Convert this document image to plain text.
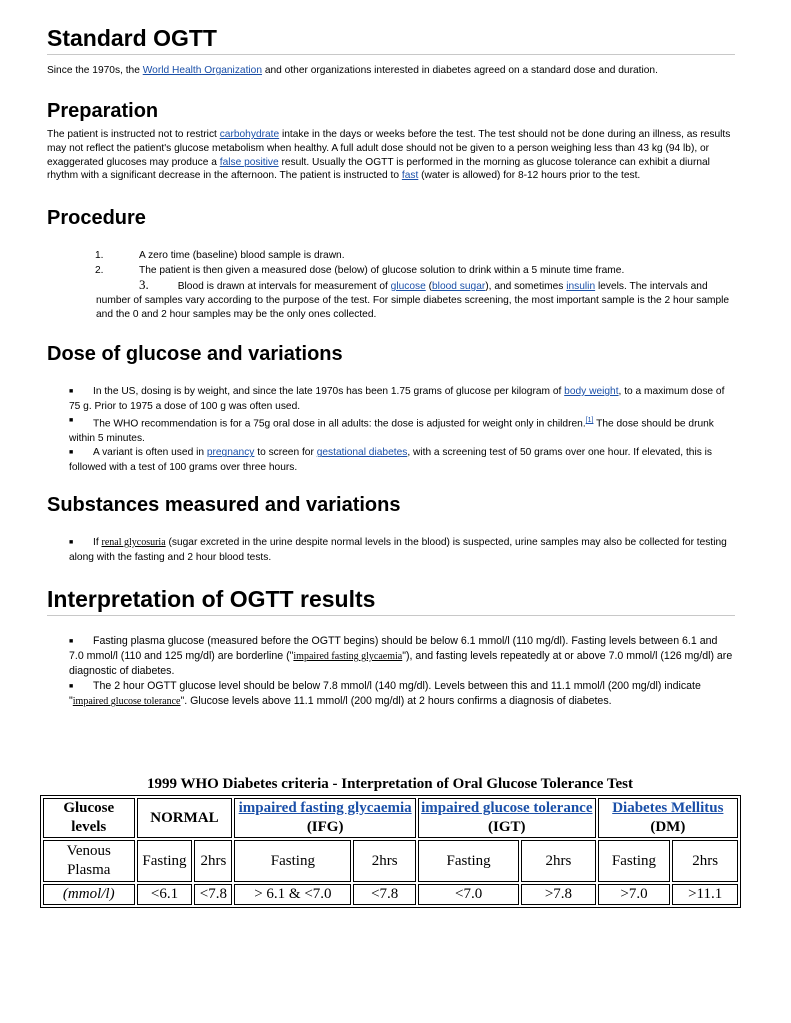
Standard OGTT

Since the 1970s, the World Health Organization and other organizations interested in diabetes agreed on a standard dose and duration.

Preparation

The patient is instructed not to restrict carbohydrate intake in the days or weeks before the test. The test should not be done during an illness, as results may not reflect the patient's glucose metabolism when healthy. A full adult dose should not be given to a person weighing less than 43 kg (94 lb), or exaggerated glucoses may produce a false positive result. Usually the OGTT is performed in the morning as glucose tolerance can exhibit a diurnal rhythm with a significant decrease in the afternoon. The patient is instructed to fast (water is allowed) for 8-12 hours prior to the test.

Procedure
1.	A zero time (baseline) blood sample is drawn.
2.	The patient is then given a measured dose (below) of glucose solution to drink within a 5 minute time frame.
3.	Blood is drawn at intervals for measurement of glucose (blood sugar), and sometimes insulin levels. The intervals and number of samples vary according to the purpose of the test. For simple diabetes screening, the most important sample is the 2 hour sample and the 0 and 2 hour samples may be the only ones collected.
Dose of glucose and variations
■ In the US, dosing is by weight, and since the late 1970s has been 1.75 grams of glucose per kilogram of body weight, to a maximum dose of 75 g. Prior to 1975 a dose of 100 g was often used.
■ The WHO recommendation is for a 75g oral dose in all adults: the dose is adjusted for weight only in children.[1] The dose should be drunk within 5 minutes.
■ A variant is often used in pregnancy to screen for gestational diabetes, with a screening test of 50 grams over one hour. If elevated, this is followed with a test of 100 grams over three hours.
Substances measured and variations
■ If renal glycosuria (sugar excreted in the urine despite normal levels in the blood) is suspected, urine samples may also be collected for testing along with the fasting and 2 hour blood tests.
Interpretation of OGTT results
■ Fasting plasma glucose (measured before the OGTT begins) should be below 6.1 mmol/l (110 mg/dl). Fasting levels between 6.1 and 7.0 mmol/l (110 and 125 mg/dl) are borderline ("impaired fasting glycaemia"), and fasting levels repeatedly at or above 7.0 mmol/l (126 mg/dl) are diagnostic of diabetes.
■ The 2 hour OGTT glucose level should be below 7.8 mmol/l (140 mg/dl). Levels between this and 11.1 mmol/l (200 mg/dl) indicate "impaired glucose tolerance". Glucose levels above 11.1 mmol/l (200 mg/dl) at 2 hours confirms a diagnosis of diabetes.
1999 WHO Diabetes criteria - Interpretation of Oral Glucose Tolerance Test
Glucose levels	NORMAL		impaired fasting glycaemia (IFG)		impaired glucose tolerance (IGT)		Diabetes Mellitus (DM)	
Venous Plasma	Fasting	2hrs	Fasting	2hrs	Fasting	2hrs	Fasting	2hrs
(mmol/l)	<6.1	<7.8	> 6.1 & <7.0	<7.8	<7.0	>7.8	>7.0	>11.1
